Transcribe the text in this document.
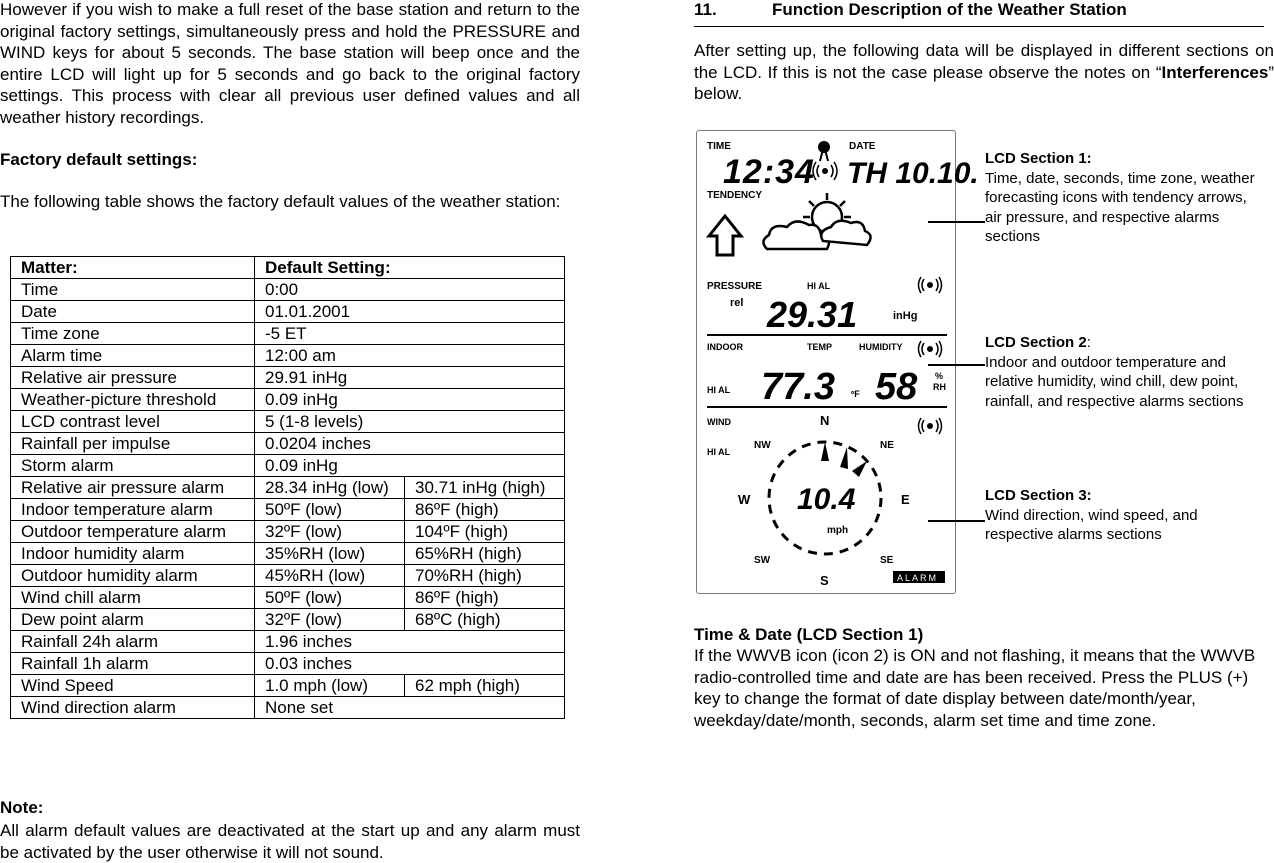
However if you wish to make a full reset of the base station and return to the original factory settings, simultaneously press and hold the PRESSURE and WIND keys for about 5 seconds. The base station will beep once and the entire LCD will light up for 5 seconds and go back to the original factory settings. This process with clear all previous user defined values and all weather history recordings.

Factory default settings:

The following table shows the factory default values of the weather station:

Matter:	Default Setting:	
Time	0:00	
Date	01.01.2001	
Time zone	-5 ET	
Alarm time	12:00 am	
Relative air pressure	29.91 inHg	
Weather-picture threshold	0.09 inHg	
LCD contrast level	5 (1-8 levels)	
Rainfall per impulse	0.0204 inches	
Storm alarm	0.09 inHg	
Relative air pressure alarm	28.34 inHg (low)	30.71 inHg (high)
Indoor temperature alarm	50ºF (low)	86ºF (high)
Outdoor temperature alarm	32ºF (low)	104ºF (high)
Indoor humidity alarm	35%RH (low)	65%RH (high)
Outdoor humidity alarm	45%RH (low)	70%RH (high)
Wind chill alarm	50ºF (low)	86ºF (high)
Dew point alarm	32ºF (low)	68ºC (high)
Rainfall 24h alarm	1.96 inches	
Rainfall 1h alarm	0.03 inches	
Wind Speed	1.0 mph (low)	62 mph (high)
Wind direction alarm	None set	

Note:

All alarm default values are deactivated at the start up and any alarm must be activated by the user otherwise it will not sound.

11.	Function Description of the Weather Station

After setting up, the following data will be displayed in different sections on the LCD. If this is not the case please observe the notes on “Interferences” below.

TIME	DATE
12:34 TH 10.10.
TENDENCY
PRESSURE
rel
HI AL
29.31	inHg
INDOOR	TEMP	HUMIDITY
HI AL 77.3 ºF 58 %
RH
WIND
HI AL
N
NE
E
SE
S
SW
W
NW
10.4
mph
ALARM
LCD Section 1:
Time, date, seconds, time zone, weather forecasting icons with tendency arrows, air pressure, and respective alarms sections
LCD Section 2:
Indoor and outdoor temperature and relative humidity, wind chill, dew point, rainfall, and respective alarms sections
LCD Section 3:
Wind direction, wind speed, and respective alarms sections

Time & Date (LCD Section 1)

If the WWVB icon (icon 2) is ON and not flashing, it means that the WWVB radio-controlled time and date are has been received. Press the PLUS (+) key to change the format of date display between date/month/year, weekday/date/month, seconds, alarm set time and time zone.
